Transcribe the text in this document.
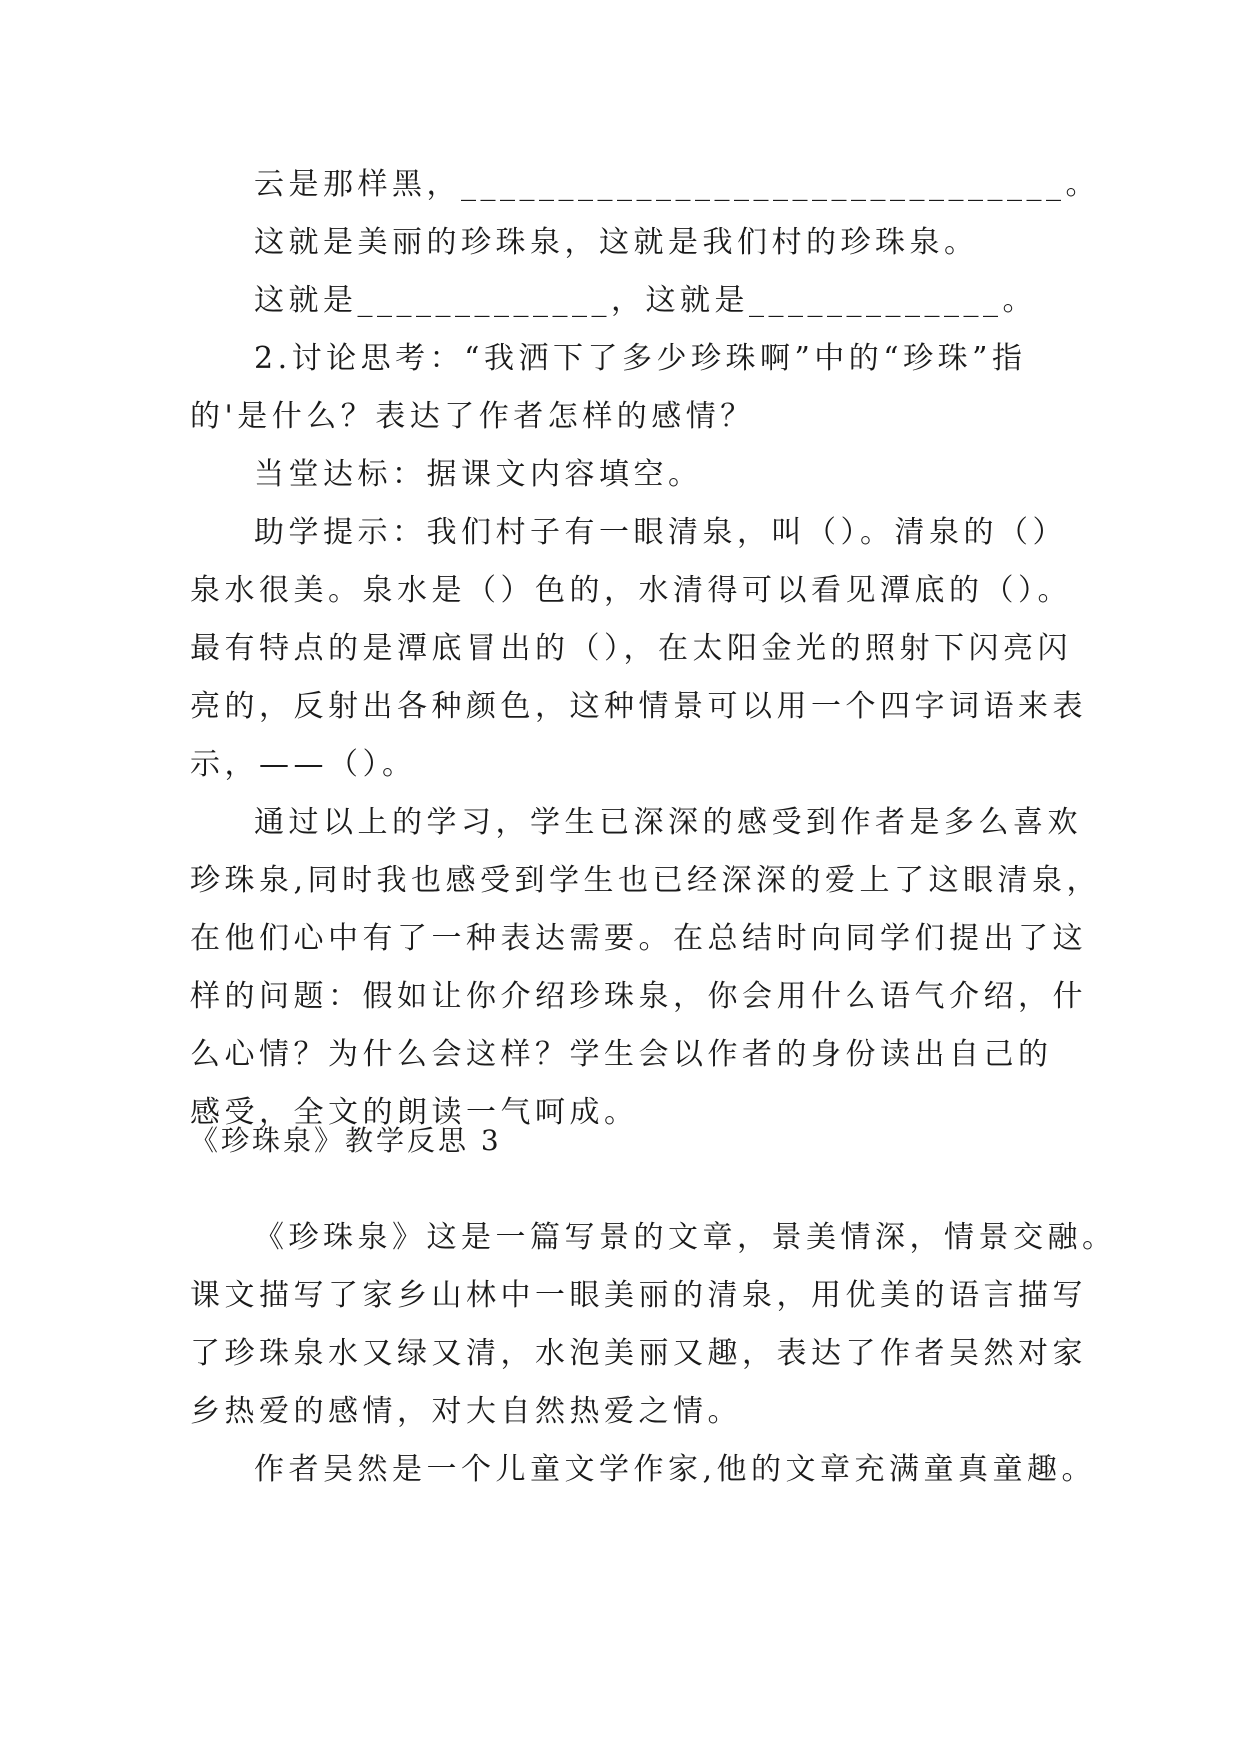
云是那样黑，_______________________________。
这就是美丽的珍珠泉，这就是我们村的珍珠泉。
这就是_____________，这就是_____________。
2.讨论思考：“我洒下了多少珍珠啊”中的“珍珠”指
的'是什么？表达了作者怎样的感情？
当堂达标：据课文内容填空。
助学提示：我们村子有一眼清泉，叫（）。清泉的（）
泉水很美。泉水是（）色的，水清得可以看见潭底的（）。
最有特点的是潭底冒出的（），在太阳金光的照射下闪亮闪
亮的，反射出各种颜色，这种情景可以用一个四字词语来表
示，——（）。
通过以上的学习，学生已深深的感受到作者是多么喜欢
珍珠泉,同时我也感受到学生也已经深深的爱上了这眼清泉，
在他们心中有了一种表达需要。在总结时向同学们提出了这
样的问题：假如让你介绍珍珠泉，你会用什么语气介绍，什
么心情？为什么会这样？学生会以作者的身份读出自己的
感受，全文的朗读一气呵成。
《珍珠泉》教学反思 3
《珍珠泉》这是一篇写景的文章，景美情深，情景交融。
课文描写了家乡山林中一眼美丽的清泉，用优美的语言描写
了珍珠泉水又绿又清，水泡美丽又趣，表达了作者吴然对家
乡热爱的感情，对大自然热爱之情。
作者吴然是一个儿童文学作家,他的文章充满童真童趣。
